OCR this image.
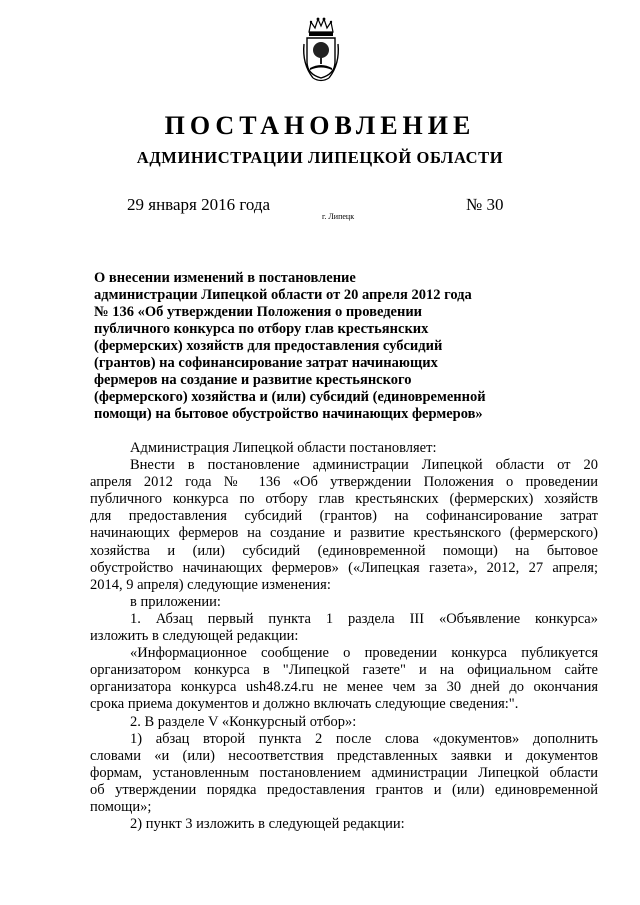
ПОСТАНОВЛЕНИЕ
АДМИНИСТРАЦИИ ЛИПЕЦКОЙ ОБЛАСТИ
29 января 2016 года
г. Липецк
№ 30
О внесении изменений в постановление
администрации Липецкой области от 20 апреля 2012 года
№ 136 «Об утверждении Положения о проведении
публичного конкурса по отбору глав крестьянских
(фермерских) хозяйств для предоставления субсидий
(грантов) на софинансирование затрат начинающих
фермеров на создание и развитие крестьянского
(фермерского) хозяйства и (или) субсидий (единовременной
помощи) на бытовое обустройство начинающих фермеров»
Администрация Липецкой области постановляет:
Внести в постановление администрации Липецкой области от 20
апреля 2012 года № 136 «Об утверждении Положения о проведении
публичного конкурса по отбору глав крестьянских (фермерских) хозяйств
для предоставления субсидий (грантов) на софинансирование затрат
начинающих фермеров на создание и развитие крестьянского (фермерского)
хозяйства и (или) субсидий (единовременной помощи) на бытовое
обустройство начинающих фермеров» («Липецкая газета», 2012, 27 апреля;
2014, 9 апреля) следующие изменения:
в приложении:
1. Абзац первый пункта 1 раздела III «Объявление конкурса»
изложить в следующей редакции:
«Информационное сообщение о проведении конкурса публикуется
организатором конкурса в "Липецкой газете" и на официальном сайте
организатора конкурса ush48.z4.ru не менее чем за 30 дней до окончания
срока приема документов и должно включать следующие сведения:".
2. В разделе V «Конкурсный отбор»:
1) абзац второй пункта 2 после слова «документов» дополнить
словами «и (или) несоответствия представленных заявки и документов
формам, установленным постановлением администрации Липецкой области
об утверждении порядка предоставления грантов и (или) единовременной
помощи»;
2) пункт 3 изложить в следующей редакции:
